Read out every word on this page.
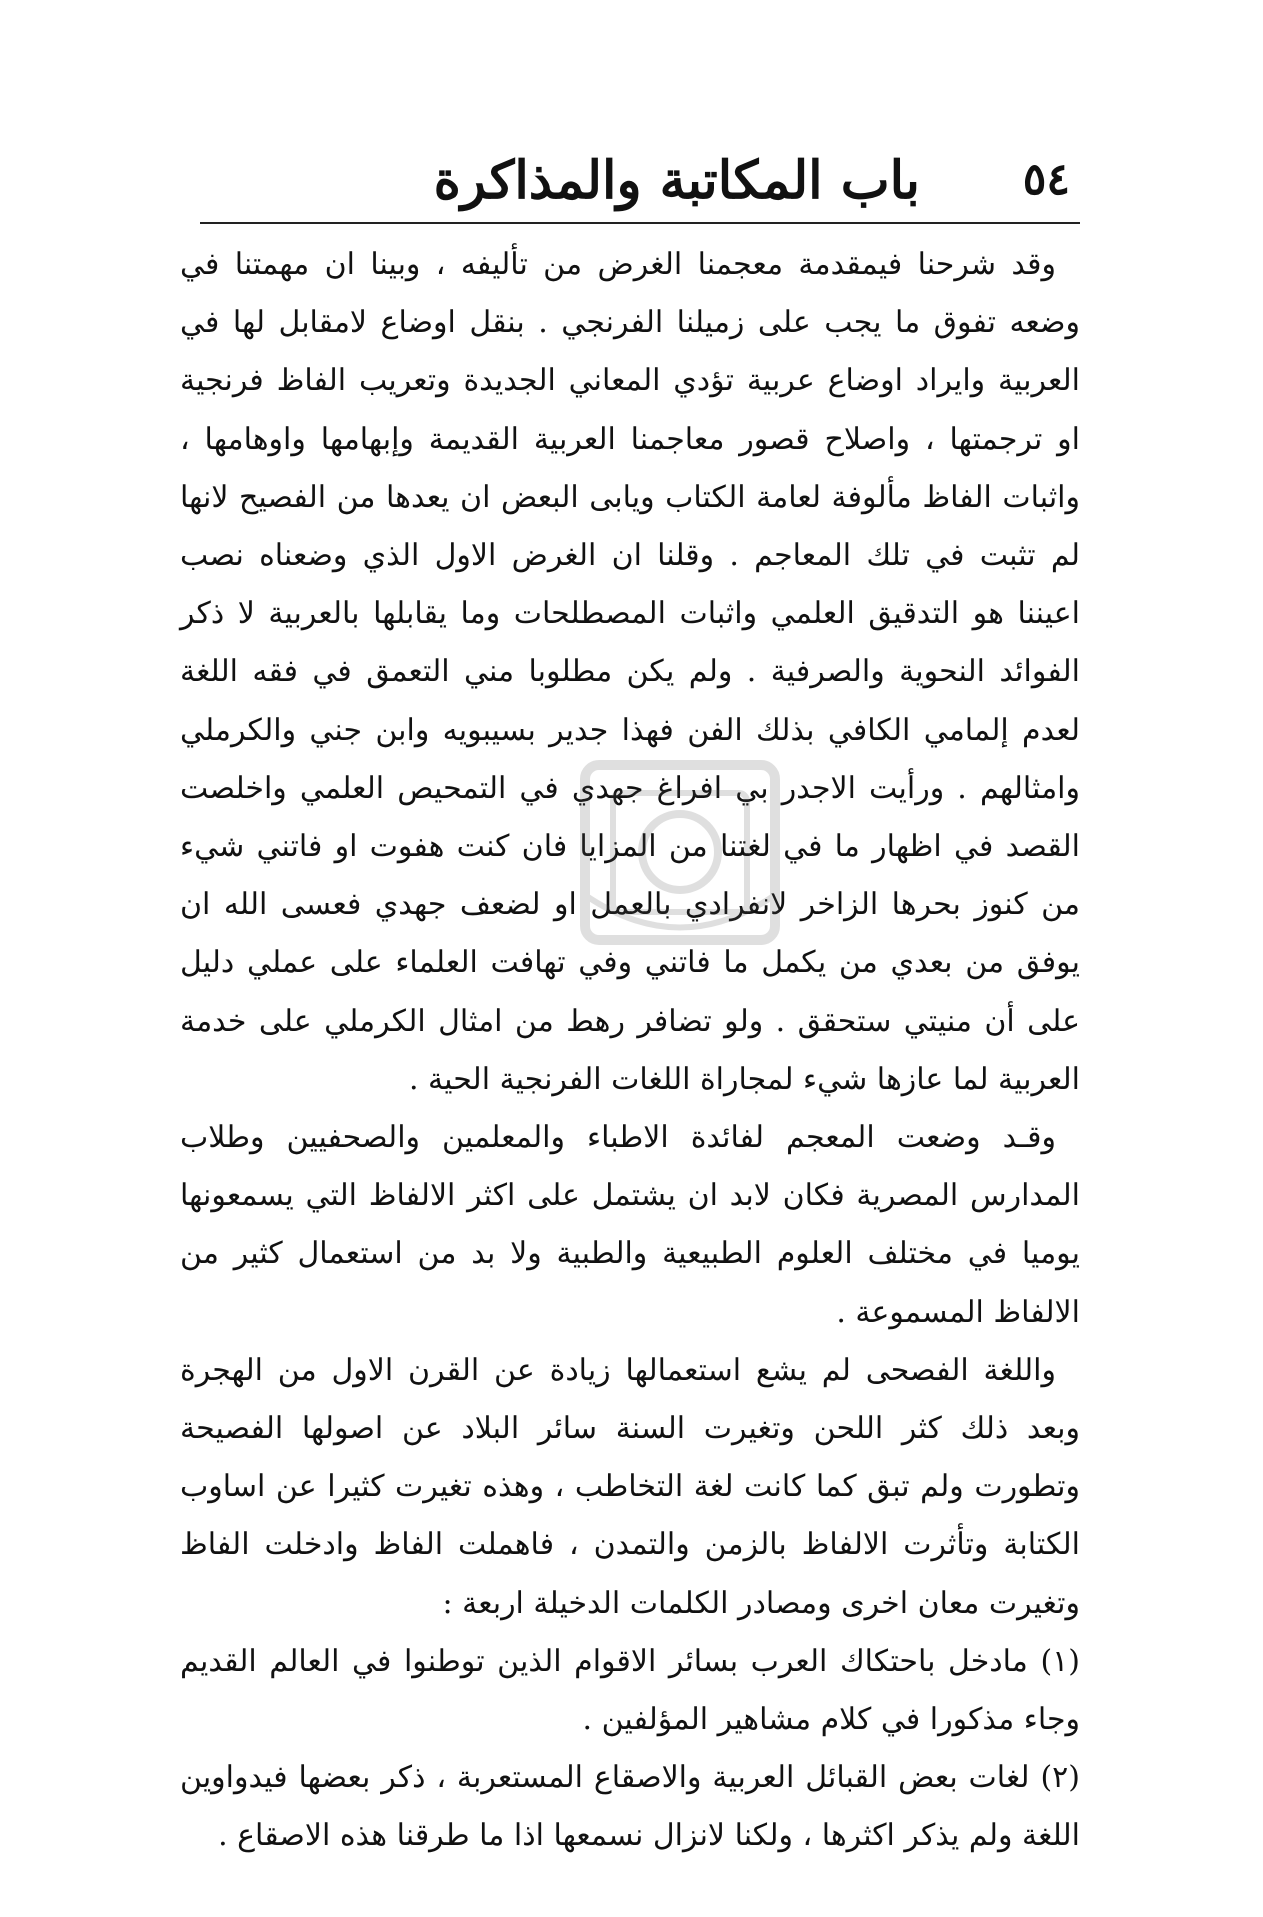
٥٤
باب المكاتبة والمذاكرة

وقد شرحنا فيمقدمة معجمنا الغرض من تأليفه ، وبينا ان مهمتنا في وضعه تفوق ما يجب على زميلنا الفرنجي . بنقل اوضاع لامقابل لها في العربية وايراد اوضاع عربية تؤدي المعاني الجديدة وتعريب الفاظ فرنجية او ترجمتها ، واصلاح قصور معاجمنا العربية القديمة وإبهامها واوهامها ، واثبات الفاظ مألوفة لعامة الكتاب ويابى البعض ان يعدها من الفصيح لانها لم تثبت في تلك المعاجم . وقلنا ان الغرض الاول الذي وضعناه نصب اعيننا هو التدقيق العلمي واثبات المصطلحات وما يقابلها بالعربية لا ذكر الفوائد النحوية والصرفية . ولم يكن مطلوبا مني التعمق في فقه اللغة لعدم إلمامي الكافي بذلك الفن فهذا جدير بسيبويه وابن جني والكرملي وامثالهم . ورأيت الاجدر بي افراغ جهدي في التمحيص العلمي واخلصت القصد في اظهار ما في لغتنا من المزايا فان كنت هفوت او فاتني شيء من كنوز بحرها الزاخر لانفرادي بالعمل او لضعف جهدي فعسى الله ان يوفق من بعدي من يكمل ما فاتني وفي تهافت العلماء على عملي دليل على أن منيتي ستحقق . ولو تضافر رهط من امثال الكرملي على خدمة العربية لما عازها شيء لمجاراة اللغات الفرنجية الحية .

وقـد وضعت المعجم لفائدة الاطباء والمعلمين والصحفيين وطلاب المدارس المصرية فكان لابد ان يشتمل على اكثر الالفاظ التي يسمعونها يوميا في مختلف العلوم الطبيعية والطبية ولا بد من استعمال كثير من الالفاظ المسموعة .

واللغة الفصحى لم يشع استعمالها زيادة عن القرن الاول من الهجرة وبعد ذلك كثر اللحن وتغيرت السنة سائر البلاد عن اصولها الفصيحة وتطورت ولم تبق كما كانت لغة التخاطب ، وهذه تغيرت كثيرا عن اساوب الكتابة وتأثرت الالفاظ بالزمن والتمدن ، فاهملت الفاظ وادخلت الفاظ وتغيرت معان اخرى ومصادر الكلمات الدخيلة اربعة :

(١) مادخل باحتكاك العرب بسائر الاقوام الذين توطنوا في العالم القديم وجاء مذكورا في كلام مشاهير المؤلفين .

(٢) لغات بعض القبائل العربية والاصقاع المستعربة ، ذكر بعضها فيدواوين اللغة ولم يذكر اكثرها ، ولكنا لانزال نسمعها اذا ما طرقنا هذه الاصقاع .
